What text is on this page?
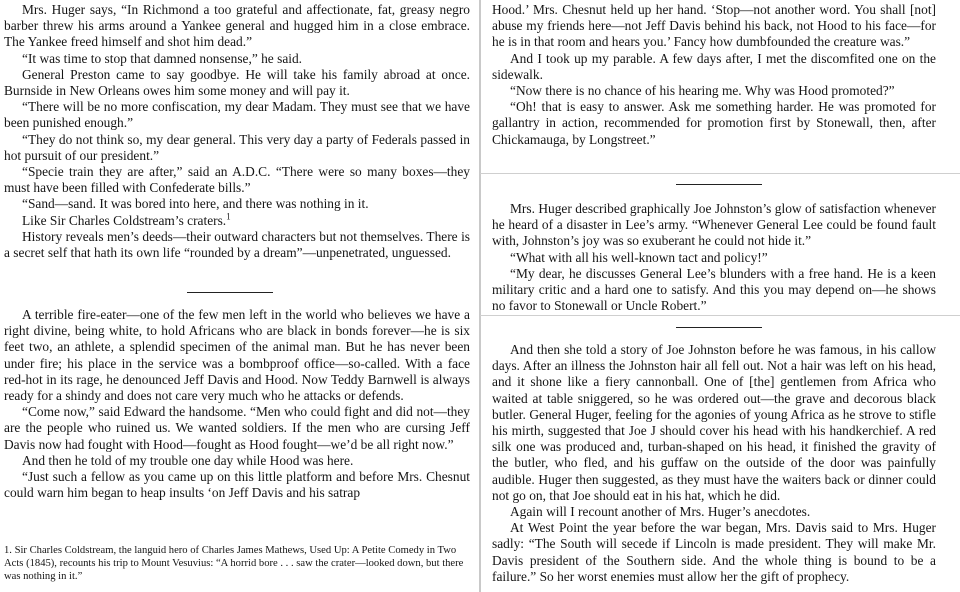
Mrs. Huger says, “In Richmond a too grateful and affectionate, fat, greasy negro barber threw his arms around a Yankee general and hugged him in a close embrace. The Yankee freed himself and shot him dead.”

“It was time to stop that damned nonsense,” he said.

General Preston came to say goodbye. He will take his family abroad at once. Burnside in New Orleans owes him some money and will pay it.

“There will be no more confiscation, my dear Madam. They must see that we have been punished enough.”

“They do not think so, my dear general. This very day a party of Federals passed in hot pursuit of our president.”

“Specie train they are after,” said an A.D.C. “There were so many boxes—they must have been filled with Confederate bills.”

“Sand—sand. It was bored into here, and there was nothing in it.

Like Sir Charles Coldstream’s craters.$^1$

History reveals men’s deeds—their outward characters but not themselves. There is a secret self that hath its own life “rounded by a dream”—unpenetrated, unguessed.

A terrible fire-eater—one of the few men left in the world who believes we have a right divine, being white, to hold Africans who are black in bonds forever—he is six feet two, an athlete, a splendid specimen of the animal man. But he has never been under fire; his place in the service was a bombproof office—so-called. With a face red-hot in its rage, he denounced Jeff Davis and Hood. Now Teddy Barnwell is always ready for a shindy and does not care very much who he attacks or defends.

“Come now,” said Edward the handsome. “Men who could fight and did not—they are the people who ruined us. We wanted soldiers. If the men who are cursing Jeff Davis now had fought with Hood—fought as Hood fought—we’d be all right now.”

And then he told of my trouble one day while Hood was here.

“Just such a fellow as you came up on this little platform and before Mrs. Chesnut could warn him began to heap insults ‘on Jeff Davis and his satrap

1. Sir Charles Coldstream, the languid hero of Charles James Mathews, Used Up: A Petite Comedy in Two Acts (1845), recounts his trip to Mount Vesuvius: “A horrid bore . . . saw the crater—looked down, but there was nothing in it.”

Hood.’ Mrs. Chesnut held up her hand. ‘Stop—not another word. You shall [not] abuse my friends here—not Jeff Davis behind his back, not Hood to his face—for he is in that room and hears you.’ Fancy how dumbfounded the creature was.”

And I took up my parable. A few days after, I met the discomfited one on the sidewalk.

“Now there is no chance of his hearing me. Why was Hood promoted?”

“Oh! that is easy to answer. Ask me something harder. He was promoted for gallantry in action, recommended for promotion first by Stonewall, then, after Chickamauga, by Longstreet.”

Mrs. Huger described graphically Joe Johnston’s glow of satisfaction whenever he heard of a disaster in Lee’s army. “Whenever General Lee could be found fault with, Johnston’s joy was so exuberant he could not hide it.”

“What with all his well-known tact and policy!”

“My dear, he discusses General Lee’s blunders with a free hand. He is a keen military critic and a hard one to satisfy. And this you may depend on—he shows no favor to Stonewall or Uncle Robert.”

And then she told a story of Joe Johnston before he was famous, in his callow days. After an illness the Johnston hair all fell out. Not a hair was left on his head, and it shone like a fiery cannonball. One of [the] gentlemen from Africa who waited at table sniggered, so he was ordered out—the grave and decorous black butler. General Huger, feeling for the agonies of young Africa as he strove to stifle his mirth, suggested that Joe J should cover his head with his handkerchief. A red silk one was produced and, turban-shaped on his head, it finished the gravity of the butler, who fled, and his guffaw on the outside of the door was painfully audible. Huger then suggested, as they must have the waiters back or dinner could not go on, that Joe should eat in his hat, which he did.

Again will I recount another of Mrs. Huger’s anecdotes.

At West Point the year before the war began, Mrs. Davis said to Mrs. Huger sadly: “The South will secede if Lincoln is made president. They will make Mr. Davis president of the Southern side. And the whole thing is bound to be a failure.” So her worst enemies must allow her the gift of prophecy.
